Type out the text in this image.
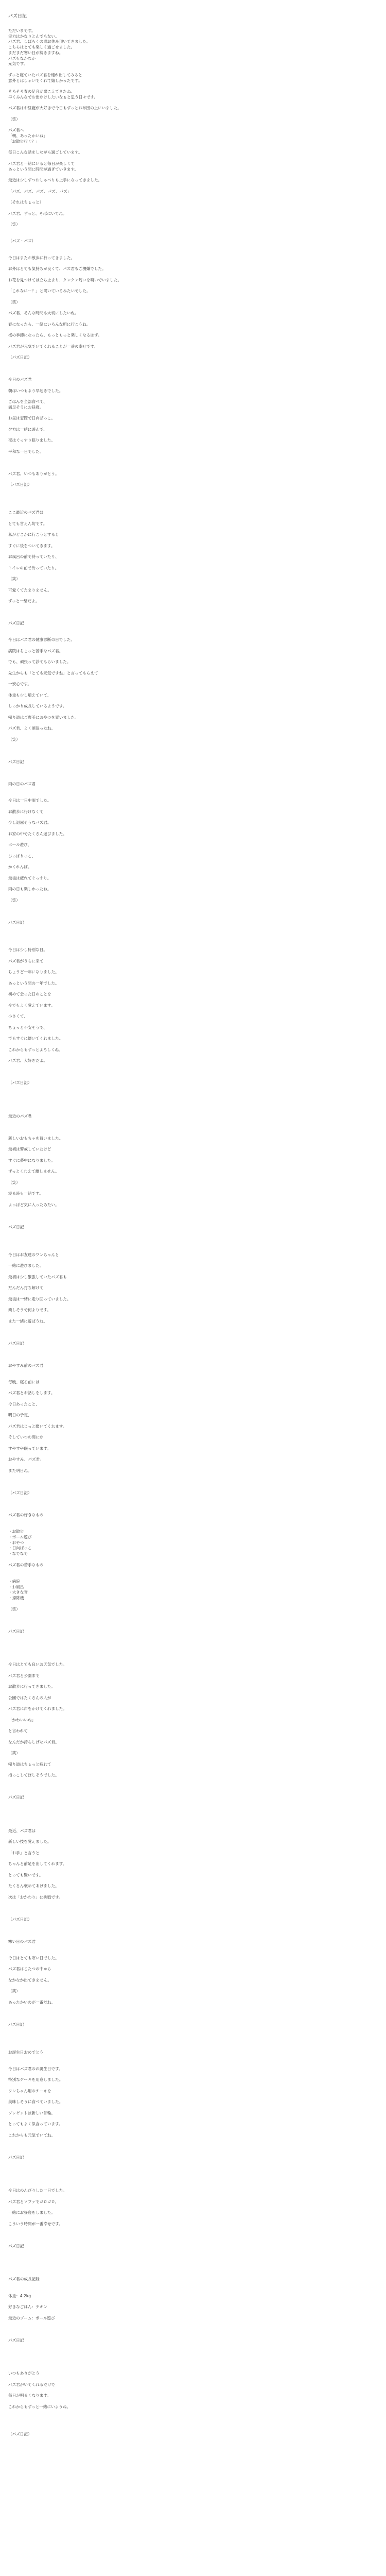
パズ日記
ただいまです。
実力はかなりとんでもない。
パズ君、しばらくの間お休み頂いてきました。
こちらはとても楽しく過ごせました。
まだまだ寒い日が続きますね。
パズもなかなか
元気です。
ずっと寝ていたパズ君を連れ出してみると
意外とはしゃいでくれて嬉しかったです。
そろそろ春の足音が聞こえてきたね。
早くみんなでお出かけしたいなぁと思う日々です。
パズ君はお昼寝が大好きで今日もずっとお布団の上にいました。
（笑）
パズ君へ
「朝、あったかいね」
「お散歩行く？」
毎日こんな話をしながら過ごしています。
パズ君と一緒にいると毎日が楽しくて
あっという間に時間が過ぎていきます。
最近は少しずつおしゃべりも上手になってきました。
「パズ、パズ、パズ、パズ、パズ」
（それはちょっと）
パズ君、ずっと、そばにいてね。
（笑）
（パズ・パズ）
今日はまたお散歩に行ってきました。
お外はとても気持ちが良くて、パズ君もご機嫌でした。
お花を見つけては立ち止まり、クンクン匂いを嗅いでいました。
「これなにー？」と聞いているみたいでした。
（笑）
パズ君、そんな時間も大切にしたいね。
春になったら、一緒にいろんな所に行こうね。
桜の季節になったら、もっともっと楽しくなるはず。
パズ君が元気でいてくれることが一番の幸せです。
（パズ日記）
今日のパズ君
朝はいつもより早起きでした。
ごはんを全部食べて、
満足そうにお昼寝。
お昼は窓際で日向ぼっこ。
夕方は一緒に遊んで、
夜はぐっすり眠りました。
平和な一日でした。
パズ君、いつもありがとう。
（パズ日記）
ここ最近のパズ君は
とても甘えん坊です。
私がどこかに行こうとすると
すぐに後をついてきます。
お風呂の前で待っていたり、
トイレの前で待っていたり。
（笑）
可愛くてたまりません。
ずっと一緒だよ。
パズ日記
今日はパズ君の健康診断の日でした。
病院はちょっと苦手なパズ君。
でも、頑張って診てもらいました。
先生からも「とても元気ですね」と言ってもらえて
一安心です。
体重も少し増えていて、
しっかり成長しているようです。
帰り道はご褒美におやつを買いました。
パズ君、よく頑張ったね。
（笑）
パズ日記
雨の日のパズ君
今日は一日中雨でした。
お散歩に行けなくて
少し退屈そうなパズ君。
お家の中でたくさん遊びました。
ボール遊び、
ひっぱりっこ、
かくれんぼ。
最後は疲れてぐっすり。
雨の日も楽しかったね。
（笑）
パズ日記
今日は少し特別な日。
パズ君がうちに来て
ちょうど一年になりました。
あっという間の一年でした。
初めて会った日のことを
今でもよく覚えています。
小さくて、
ちょっと不安そうで、
でもすぐに懐いてくれました。
これからもずっとよろしくね。
パズ君、大好きだよ。
（パズ日記）
最近のパズ君
新しいおもちゃを買いました。
最初は警戒していたけど
すぐに夢中になりました。
ずっとくわえて離しません。
（笑）
寝る時も一緒です。
よっぽど気に入ったみたい。
パズ日記
今日はお友達のワンちゃんと
一緒に遊びました。
最初は少し緊張していたパズ君も
だんだん打ち解けて
最後は一緒に走り回っていました。
楽しそうで何よりです。
また一緒に遊ぼうね。
パズ日記
おやすみ前のパズ君
毎晩、寝る前には
パズ君とお話しをします。
今日あったこと、
明日の予定、
パズ君はじっと聞いてくれます。
そしていつの間にか
すやすや眠っています。
おやすみ、パズ君。
また明日ね。
（パズ日記）
パズ君の好きなもの
・お散歩
・ボール遊び
・おやつ
・日向ぼっこ
・なでなで
パズ君の苦手なもの
・病院
・お風呂
・大きな音
・掃除機
（笑）
パズ日記
今日はとても良いお天気でした。
パズ君と公園まで
お散歩に行ってきました。
公園ではたくさんの人が
パズ君に声をかけてくれました。
「かわいいね」
と言われて
なんだか誇らしげなパズ君。
（笑）
帰り道はちょっと疲れて
抱っこしてほしそうでした。
パズ日記
最近、パズ君は
新しい技を覚えました。
「お手」と言うと
ちゃんと前足を出してくれます。
とっても賢いです。
たくさん褒めてあげました。
次は「おかわり」に挑戦です。
（パズ日記）
寒い日のパズ君
今日はとても寒い日でした。
パズ君はこたつの中から
なかなか出てきません。
（笑）
あったかいのが一番だね。
パズ日記
お誕生日おめでとう
今日はパズ君のお誕生日です。
特別なケーキを用意しました。
ワンちゃん用のケーキを
美味しそうに食べていました。
プレゼントは新しい首輪。
とってもよく似合っています。
これからも元気でいてね。
パズ日記
今日はのんびりした一日でした。
パズ君とソファでゴロゴロ。
一緒にお昼寝をしました。
こういう時間が一番幸せです。
パズ日記
パズ君の成長記録
体重：4.2kg
好きなごはん：チキン
最近のブーム：ボール遊び
パズ日記
いつもありがとう
パズ君がいてくれるだけで
毎日が明るくなります。
これからもずっと一緒にいようね。
（パズ日記）
